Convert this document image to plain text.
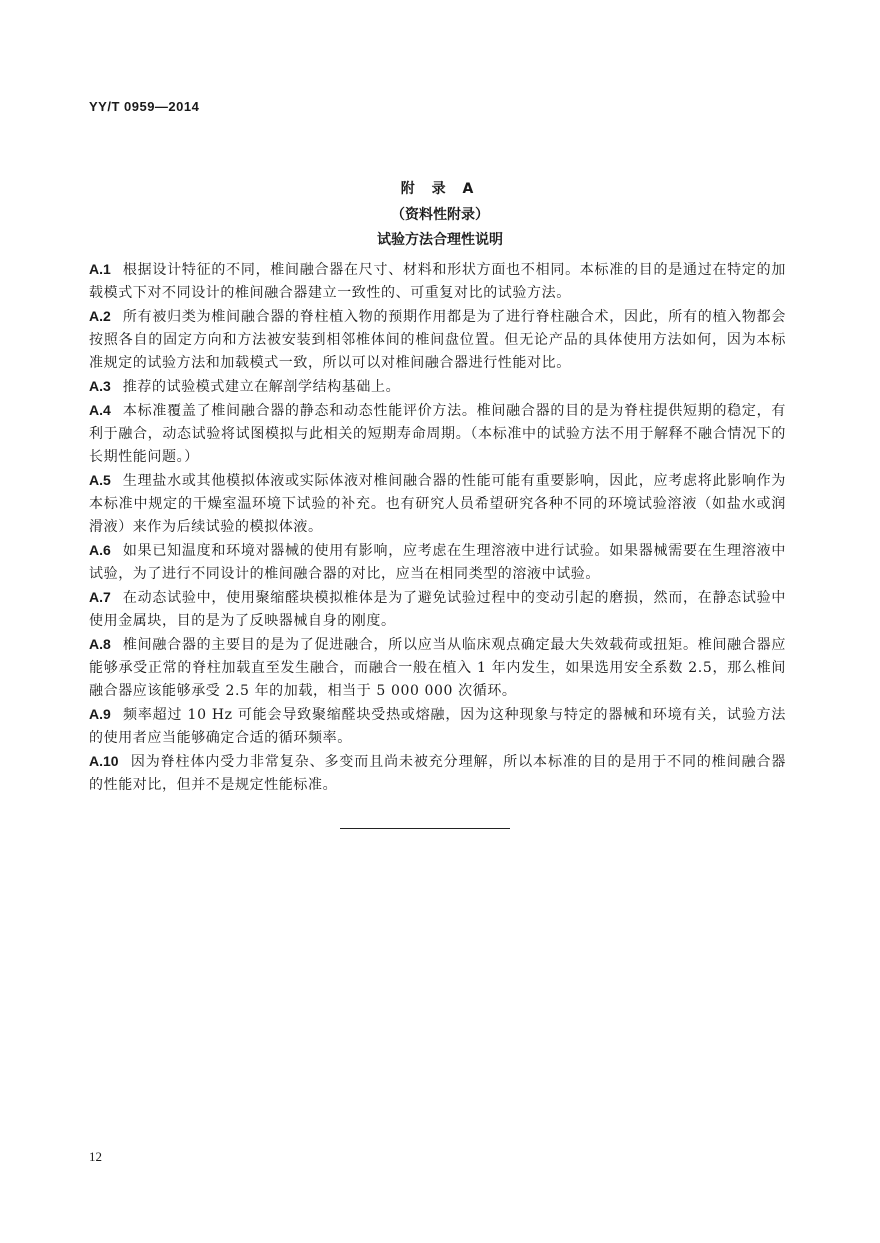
YY/T 0959—2014
附 录 A
（资料性附录）
试验方法合理性说明

A.1 根据设计特征的不同，椎间融合器在尺寸、材料和形状方面也不相同。本标准的目的是通过在特定的加载模式下对不同设计的椎间融合器建立一致性的、可重复对比的试验方法。

A.2 所有被归类为椎间融合器的脊柱植入物的预期作用都是为了进行脊柱融合术，因此，所有的植入物都会按照各自的固定方向和方法被安装到相邻椎体间的椎间盘位置。但无论产品的具体使用方法如何，因为本标准规定的试验方法和加载模式一致，所以可以对椎间融合器进行性能对比。

A.3 推荐的试验模式建立在解剖学结构基础上。

A.4 本标准覆盖了椎间融合器的静态和动态性能评价方法。椎间融合器的目的是为脊柱提供短期的稳定，有利于融合，动态试验将试图模拟与此相关的短期寿命周期。（本标准中的试验方法不用于解释不融合情况下的长期性能问题。）

A.5 生理盐水或其他模拟体液或实际体液对椎间融合器的性能可能有重要影响，因此，应考虑将此影响作为本标准中规定的干燥室温环境下试验的补充。也有研究人员希望研究各种不同的环境试验溶液（如盐水或润滑液）来作为后续试验的模拟体液。

A.6 如果已知温度和环境对器械的使用有影响，应考虑在生理溶液中进行试验。如果器械需要在生理溶液中试验，为了进行不同设计的椎间融合器的对比，应当在相同类型的溶液中试验。

A.7 在动态试验中，使用聚缩醛块模拟椎体是为了避免试验过程中的变动引起的磨损，然而，在静态试验中使用金属块，目的是为了反映器械自身的刚度。

A.8 椎间融合器的主要目的是为了促进融合，所以应当从临床观点确定最大失效载荷或扭矩。椎间融合器应能够承受正常的脊柱加载直至发生融合，而融合一般在植入 1 年内发生，如果选用安全系数 2.5，那么椎间融合器应该能够承受 2.5 年的加载，相当于 5 000 000 次循环。

A.9 频率超过 10 Hz 可能会导致聚缩醛块受热或熔融，因为这种现象与特定的器械和环境有关，试验方法的使用者应当能够确定合适的循环频率。

A.10 因为脊柱体内受力非常复杂、多变而且尚未被充分理解，所以本标准的目的是用于不同的椎间融合器的性能对比，但并不是规定性能标准。

12
